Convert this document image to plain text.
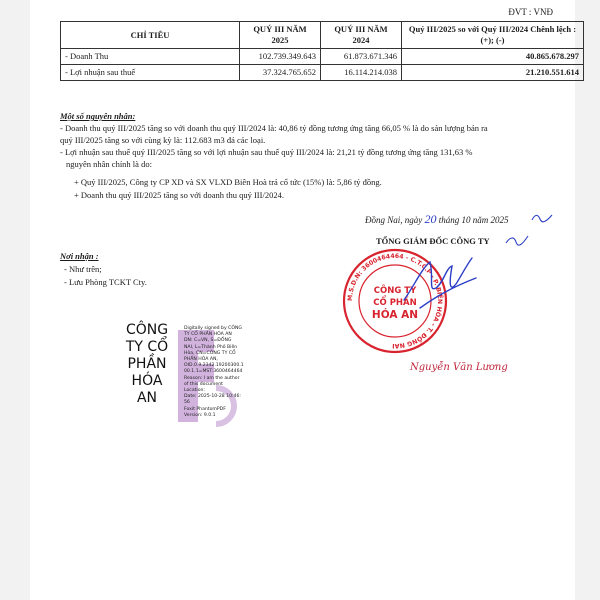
ĐVT : VNĐ
CHỈ TIÊU	QUÝ III NĂM 2025	QUÝ III NĂM 2024	Quý III/2025 so với Quý III/2024 Chênh lệch : (+); (-)
- Doanh Thu	102.739.349.643	61.873.671.346	40.865.678.297
- Lợi nhuận sau thuế	37.324.765.652	16.114.214.038	21.210.551.614
Một số nguyên nhân:

- Doanh thu quý III/2025 tăng so với doanh thu quý III/2024 là: 40,86 tỷ đồng tương ứng tăng 66,05 % là do sản lượng bán ra

quý III/2025 tăng so với cùng kỳ là: 112.683 m3 đá các loại.

- Lợi nhuận sau thuế quý III/2025 tăng so với lợi nhuận sau thuế quý III/2024 là: 21,21 tỷ đồng tương ứng tăng 131,63 %

nguyên nhân chính là do:

+ Quý III/2025, Công ty CP XD và SX VLXD Biên Hoà trả cổ tức (15%) là: 5,86 tỷ đồng.

+ Doanh thu quý III/2025 tăng so với doanh thu quý III/2024.

Nơi nhận :

- Như trên;

- Lưu Phòng TCKT Cty.

Đồng Nai, ngày 20 tháng 10 năm 2025
TỔNG GIÁM ĐỐC CÔNG TY
M.S.D.N: 3600464464 - C.T.C.P - P. BIÊN HÒA - T. ĐỒNG NAI
CÔNG TY
CỔ PHẦN
HÓA AN
Nguyễn Văn Lương
CÔNG
TY CỔ
PHẦN
HÓA
AN
Digitally signed by CÔNG
TY CỔ PHẦN HÓA AN
DN: C=VN, S=ĐỒNG
NAI, L=Thành Phố Biên
Hòa, CN=CÔNG TY CỔ
PHẦN HÓA AN,
OID.0.9.2342.19200300.1
00.1.1=MST:3600464464
Reason: I am the author
of this document
Location:
Date: 2025-10-28 10:46:
56
Foxit PhantomPDF
Version: 9.0.1
